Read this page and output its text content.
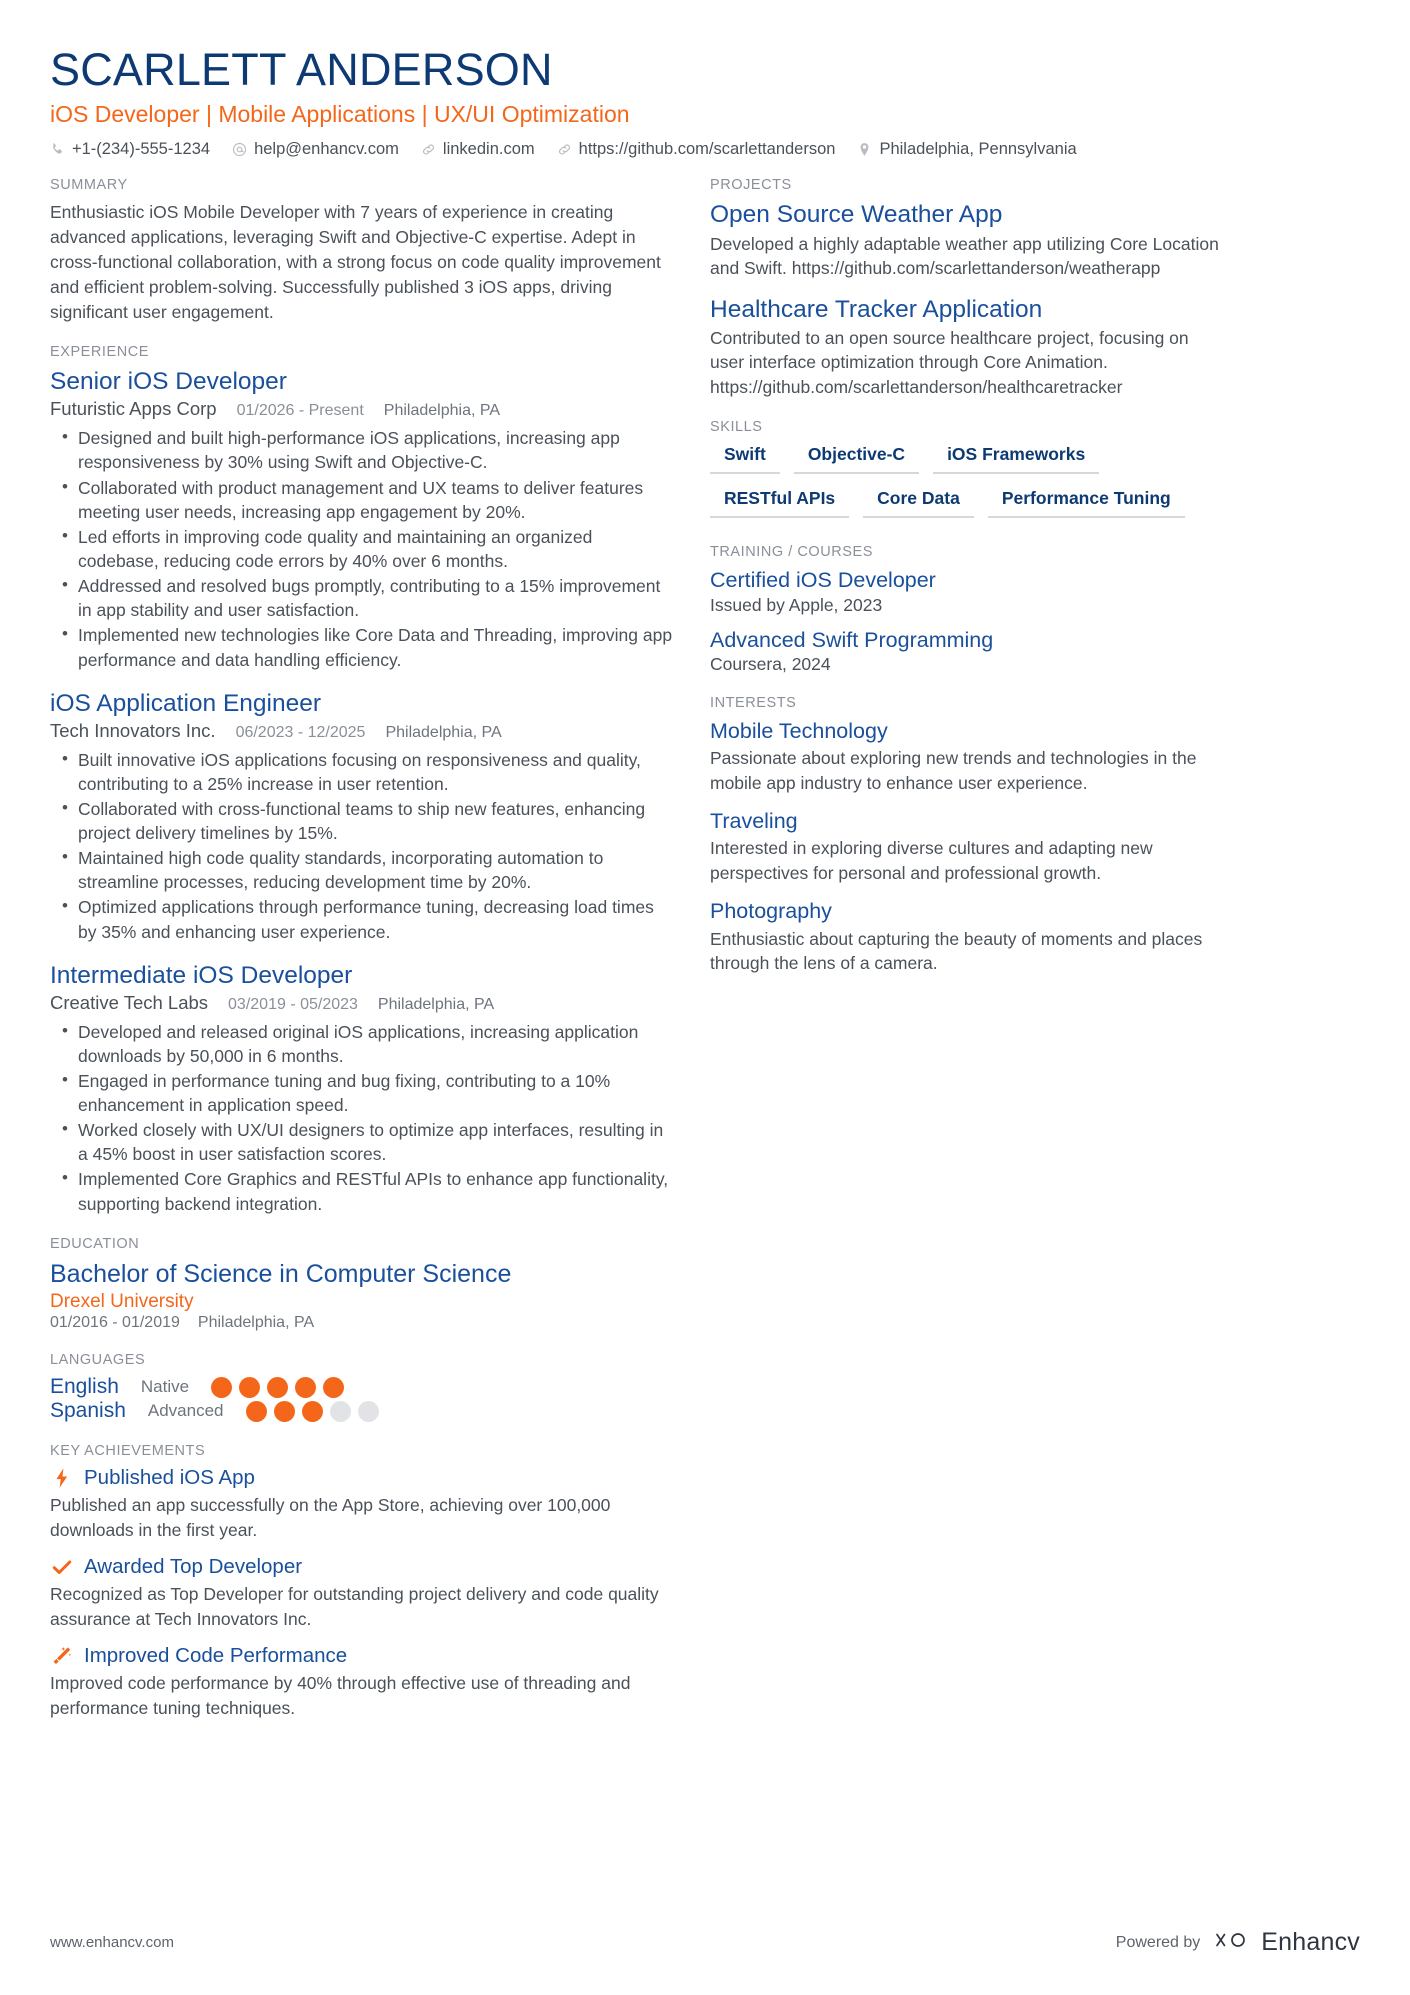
SCARLETT ANDERSON
iOS Developer | Mobile Applications | UX/UI Optimization
+1-(234)-555-1234	help@enhancv.com	linkedin.com	https://github.com/scarlettanderson	Philadelphia, Pennsylvania
SUMMARY
Enthusiastic iOS Mobile Developer with 7 years of experience in creating advanced applications, leveraging Swift and Objective-C expertise. Adept in cross-functional collaboration, with a strong focus on code quality improvement and efficient problem-solving. Successfully published 3 iOS apps, driving significant user engagement.
EXPERIENCE
Senior iOS Developer
Futuristic Apps Corp 01/2026 - Present Philadelphia, PA
• Designed and built high-performance iOS applications, increasing app responsiveness by 30% using Swift and Objective-C.
• Collaborated with product management and UX teams to deliver features meeting user needs, increasing app engagement by 20%.
• Led efforts in improving code quality and maintaining an organized codebase, reducing code errors by 40% over 6 months.
• Addressed and resolved bugs promptly, contributing to a 15% improvement in app stability and user satisfaction.
• Implemented new technologies like Core Data and Threading, improving app performance and data handling efficiency.
iOS Application Engineer
Tech Innovators Inc. 06/2023 - 12/2025 Philadelphia, PA
• Built innovative iOS applications focusing on responsiveness and quality, contributing to a 25% increase in user retention.
• Collaborated with cross-functional teams to ship new features, enhancing project delivery timelines by 15%.
• Maintained high code quality standards, incorporating automation to streamline processes, reducing development time by 20%.
• Optimized applications through performance tuning, decreasing load times by 35% and enhancing user experience.
Intermediate iOS Developer
Creative Tech Labs 03/2019 - 05/2023 Philadelphia, PA
• Developed and released original iOS applications, increasing application downloads by 50,000 in 6 months.
• Engaged in performance tuning and bug fixing, contributing to a 10% enhancement in application speed.
• Worked closely with UX/UI designers to optimize app interfaces, resulting in a 45% boost in user satisfaction scores.
• Implemented Core Graphics and RESTful APIs to enhance app functionality, supporting backend integration.
EDUCATION
Bachelor of Science in Computer Science
Drexel University
01/2016 - 01/2019 Philadelphia, PA
LANGUAGES
English Native
Spanish Advanced
KEY ACHIEVEMENTS
Published iOS App
Published an app successfully on the App Store, achieving over 100,000 downloads in the first year.
Awarded Top Developer
Recognized as Top Developer for outstanding project delivery and code quality assurance at Tech Innovators Inc.
Improved Code Performance
Improved code performance by 40% through effective use of threading and performance tuning techniques.
PROJECTS
Open Source Weather App
Developed a highly adaptable weather app utilizing Core Location and Swift. https://github.com/scarlettanderson/weatherapp
Healthcare Tracker Application
Contributed to an open source healthcare project, focusing on user interface optimization through Core Animation. https://github.com/scarlettanderson/healthcaretracker
SKILLS
Swift	Objective-C	iOS Frameworks
RESTful APIs	Core Data	Performance Tuning
TRAINING / COURSES
Certified iOS Developer
Issued by Apple, 2023
Advanced Swift Programming
Coursera, 2024
INTERESTS
Mobile Technology
Passionate about exploring new trends and technologies in the mobile app industry to enhance user experience.
Traveling
Interested in exploring diverse cultures and adapting new perspectives for personal and professional growth.
Photography
Enthusiastic about capturing the beauty of moments and places through the lens of a camera.
www.enhancv.com	Powered by Enhancv
